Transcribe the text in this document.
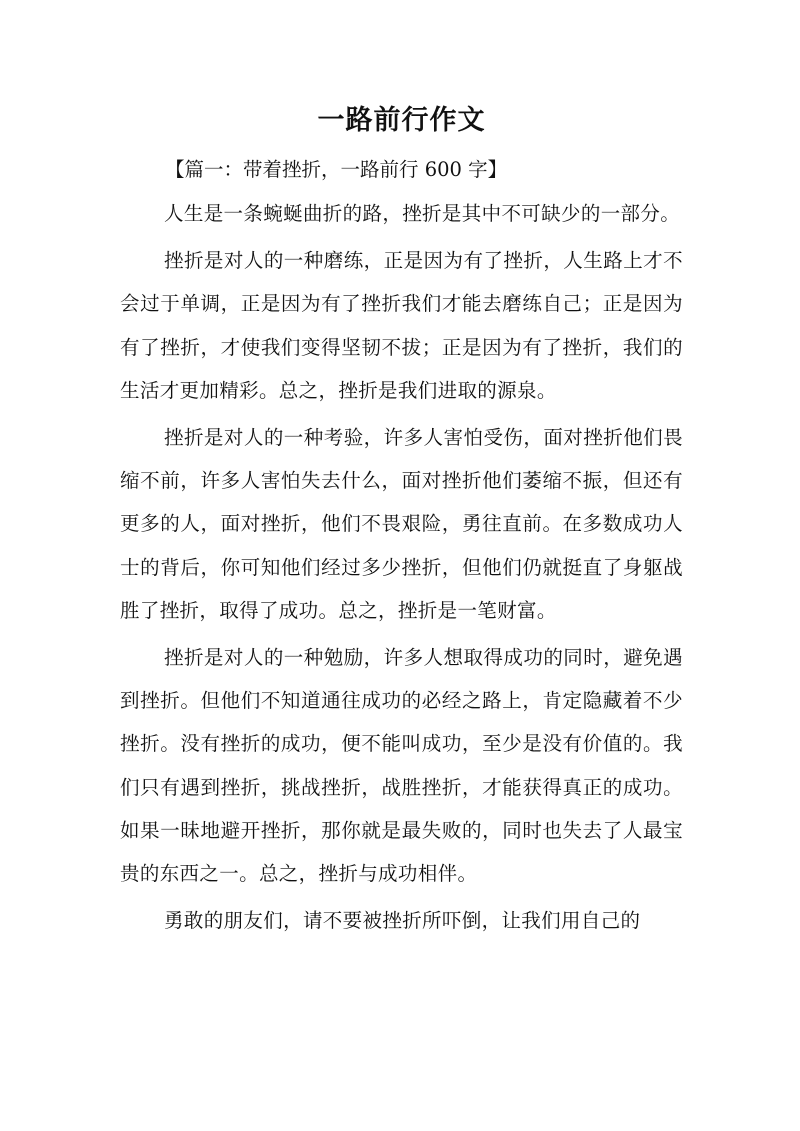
一路前行作文
【篇一：带着挫折，一路前行 600 字】

人生是一条蜿蜒曲折的路，挫折是其中不可缺少的一部分。

挫折是对人的一种磨练，正是因为有了挫折，人生路上才不会过于单调，正是因为有了挫折我们才能去磨练自己；正是因为有了挫折，才使我们变得坚韧不拔；正是因为有了挫折，我们的生活才更加精彩。总之，挫折是我们进取的源泉。

挫折是对人的一种考验，许多人害怕受伤，面对挫折他们畏缩不前，许多人害怕失去什么，面对挫折他们萎缩不振，但还有更多的人，面对挫折，他们不畏艰险，勇往直前。在多数成功人士的背后，你可知他们经过多少挫折，但他们仍就挺直了身躯战胜了挫折，取得了成功。总之，挫折是一笔财富。

挫折是对人的一种勉励，许多人想取得成功的同时，避免遇到挫折。但他们不知道通往成功的必经之路上，肯定隐藏着不少挫折。没有挫折的成功，便不能叫成功，至少是没有价值的。我们只有遇到挫折，挑战挫折，战胜挫折，才能获得真正的成功。如果一昧地避开挫折，那你就是最失败的，同时也失去了人最宝贵的东西之一。总之，挫折与成功相伴。

勇敢的朋友们，请不要被挫折所吓倒，让我们用自己的
